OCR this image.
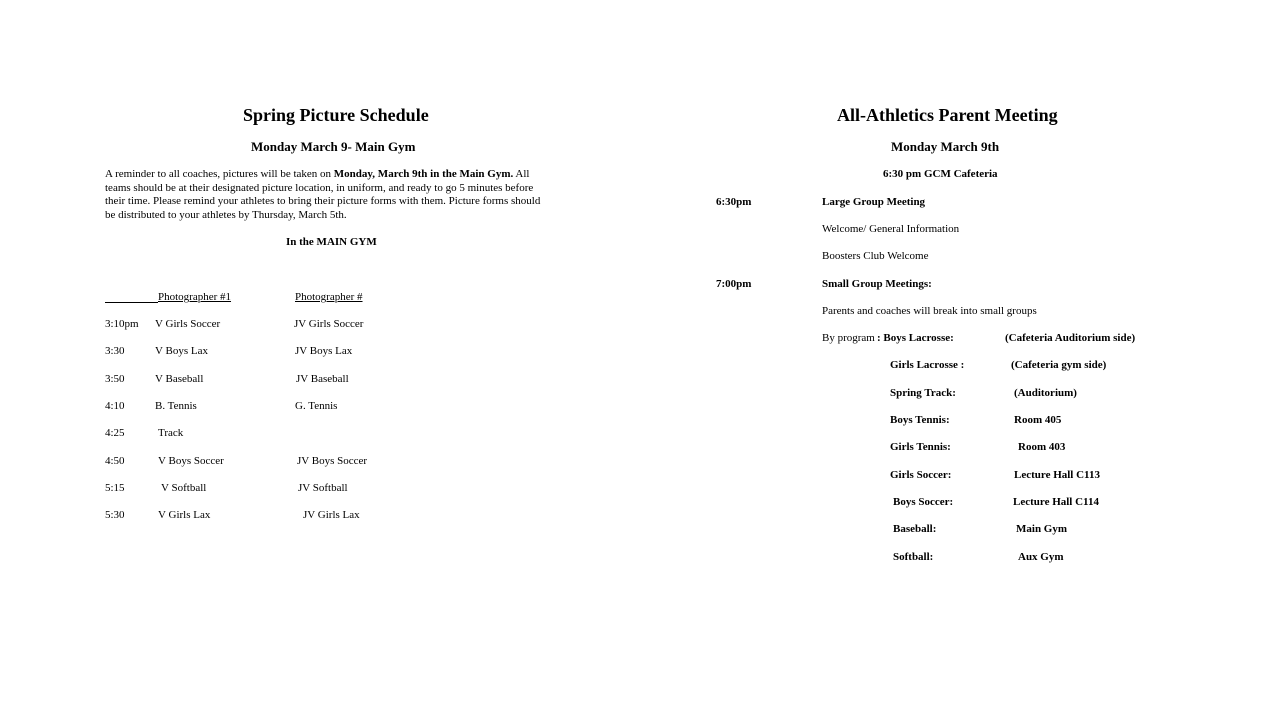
Spring Picture Schedule
Monday March 9- Main Gym
A reminder to all coaches, pictures will be taken on Monday, March 9th in the Main Gym. All teams should be at their designated picture location, in uniform, and ready to go 5 minutes before their time. Please remind your athletes to bring their picture forms with them. Picture forms should be distributed to your athletes by Thursday, March 5th.
In the MAIN GYM
Photographer #1	Photographer #
3:10pm V Girls Soccer	JV Girls Soccer
3:30	V Boys Lax	JV Boys Lax
3:50	V Baseball	JV Baseball
4:10	B. Tennis	G. Tennis
4:25	Track
4:50	V Boys Soccer	JV Boys Soccer
5:15	V Softball	JV Softball
5:30	V Girls Lax	JV Girls Lax
All-Athletics Parent Meeting
Monday March 9th
6:30 pm GCM Cafeteria
6:30pm	Large Group Meeting
Welcome/ General Information
Boosters Club Welcome
7:00pm	Small Group Meetings:
Parents and coaches will break into small groups
By program : Boys Lacrosse:	(Cafeteria Auditorium side)
Girls Lacrosse :	(Cafeteria gym side)
Spring Track:	(Auditorium)
Boys Tennis:	Room 405
Girls Tennis:	Room 403
Girls Soccer:	Lecture Hall C113
Boys Soccer:	Lecture Hall C114
Baseball:	Main Gym
Softball:	Aux Gym
